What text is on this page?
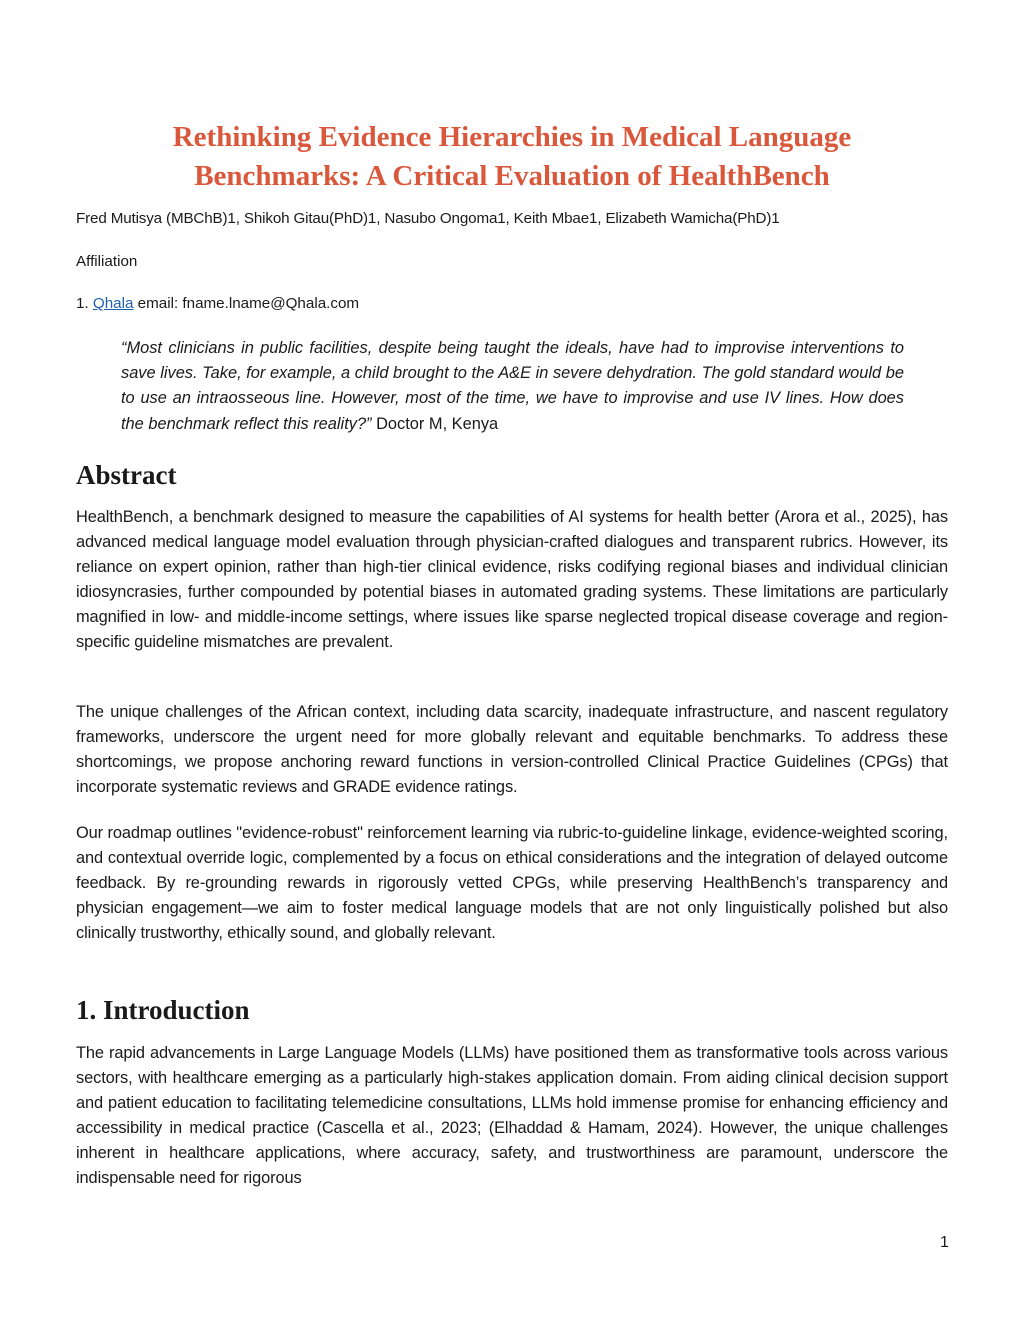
Rethinking Evidence Hierarchies in Medical Language Benchmarks: A Critical Evaluation of HealthBench
Fred Mutisya (MBChB)1, Shikoh Gitau(PhD)1, Nasubo Ongoma1, Keith Mbae1, Elizabeth Wamicha(PhD)1
Affiliation
1. Qhala email: fname.lname@Qhala.com
“Most clinicians in public facilities, despite being taught the ideals, have had to improvise interventions to save lives. Take, for example, a child brought to the A&E in severe dehydration. The gold standard would be to use an intraosseous line. However, most of the time, we have to improvise and use IV lines. How does the benchmark reflect this reality?” Doctor M, Kenya
Abstract

HealthBench, a benchmark designed to measure the capabilities of AI systems for health better (Arora et al., 2025), has advanced medical language model evaluation through physician-crafted dialogues and transparent rubrics. However, its reliance on expert opinion, rather than high-tier clinical evidence, risks codifying regional biases and individual clinician idiosyncrasies, further compounded by potential biases in automated grading systems. These limitations are particularly magnified in low- and middle-income settings, where issues like sparse neglected tropical disease coverage and region-specific guideline mismatches are prevalent.

The unique challenges of the African context, including data scarcity, inadequate infrastructure, and nascent regulatory frameworks, underscore the urgent need for more globally relevant and equitable benchmarks. To address these shortcomings, we propose anchoring reward functions in version-controlled Clinical Practice Guidelines (CPGs) that incorporate systematic reviews and GRADE evidence ratings.

Our roadmap outlines "evidence-robust" reinforcement learning via rubric-to-guideline linkage, evidence-weighted scoring, and contextual override logic, complemented by a focus on ethical considerations and the integration of delayed outcome feedback. By re-grounding rewards in rigorously vetted CPGs, while preserving HealthBench’s transparency and physician engagement—we aim to foster medical language models that are not only linguistically polished but also clinically trustworthy, ethically sound, and globally relevant.

1. Introduction

The rapid advancements in Large Language Models (LLMs) have positioned them as transformative tools across various sectors, with healthcare emerging as a particularly high-stakes application domain. From aiding clinical decision support and patient education to facilitating telemedicine consultations, LLMs hold immense promise for enhancing efficiency and accessibility in medical practice (Cascella et al., 2023; (Elhaddad & Hamam, 2024). However, the unique challenges inherent in healthcare applications, where accuracy, safety, and trustworthiness are paramount, underscore the indispensable need for rigorous

1
